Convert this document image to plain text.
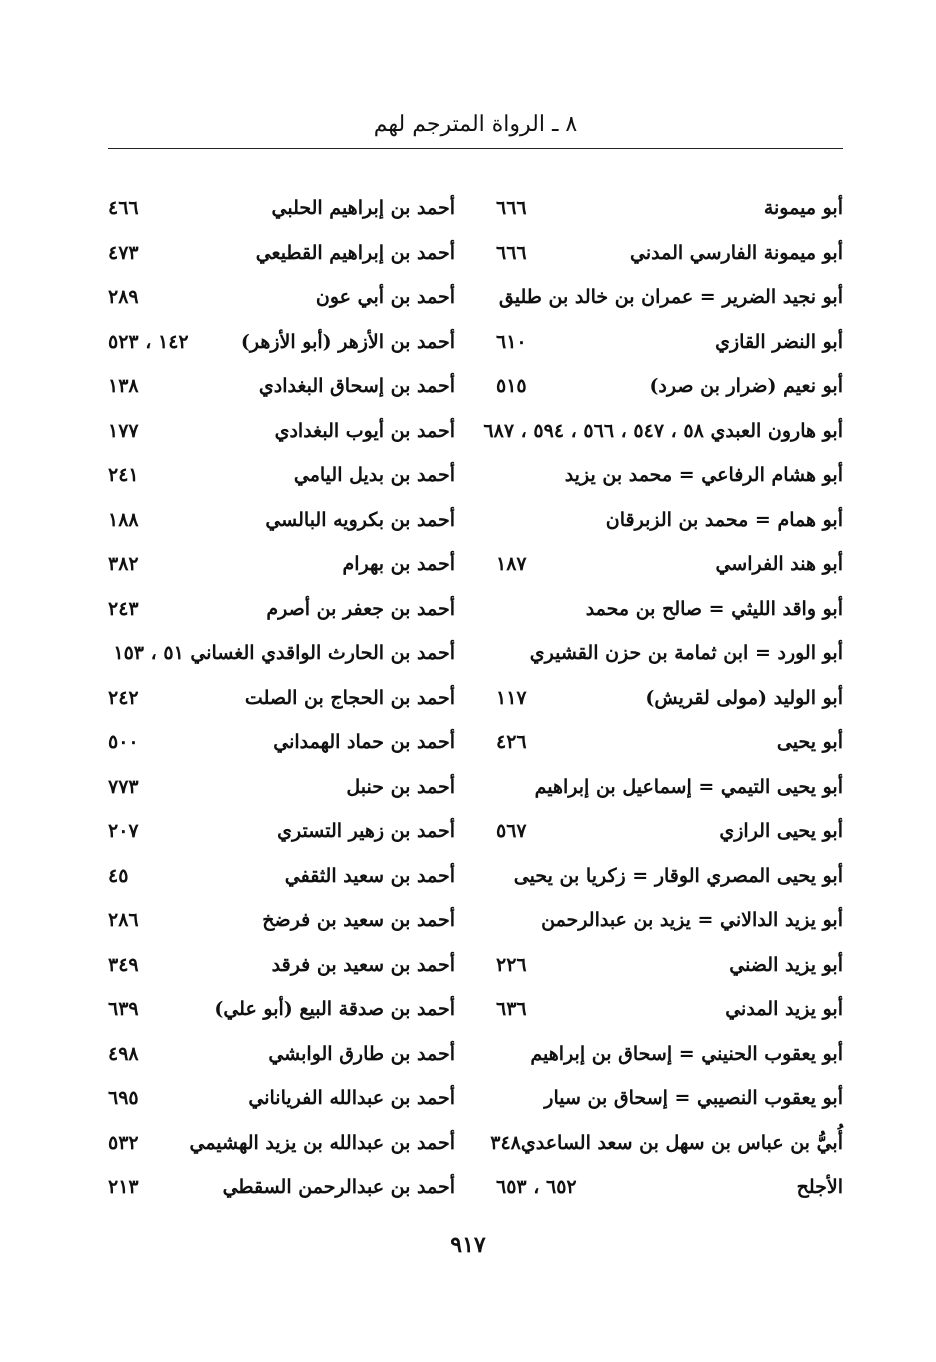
٨ ـ الرواة المترجم لهم
أبو ميمونة
٦٦٦
أبو ميمونة الفارسي المدني
٦٦٦
أبو نجيد الضرير = عمران بن خالد بن طليق
أبو النضر القازي
٦١٠
أبو نعيم (ضرار بن صرد)
٥١٥
أبو هارون العبدي ٥٨ ، ٥٤٧ ، ٥٦٦ ، ٥٩٤ ، ٦٨٧
أبو هشام الرفاعي = محمد بن يزيد
أبو همام = محمد بن الزبرقان
أبو هند الفراسي
١٨٧
أبو واقد الليثي = صالح بن محمد
أبو الورد = ابن ثمامة بن حزن القشيري
أبو الوليد (مولى لقريش)
١١٧
أبو يحيى
٤٢٦
أبو يحيى التيمي = إسماعيل بن إبراهيم
أبو يحيى الرازي
٥٦٧
أبو يحيى المصري الوقار = زكريا بن يحيى
أبو يزيد الدالاني = يزيد بن عبدالرحمن
أبو يزيد الضني
٢٢٦
أبو يزيد المدني
٦٣٦
أبو يعقوب الحنيني = إسحاق بن إبراهيم
أبو يعقوب النصيبي = إسحاق بن سيار
أُبيُّ بن عباس بن سهل بن سعد الساعدي
٣٤٨
الأجلح
٦٥٢ ، ٦٥٣
أحمد بن إبراهيم الحلبي
٤٦٦
أحمد بن إبراهيم القطيعي
٤٧٣
أحمد بن أبي عون
٢٨٩
أحمد بن الأزهر (أبو الأزهر)
١٤٢ ، ٥٢٣
أحمد بن إسحاق البغدادي
١٣٨
أحمد بن أيوب البغدادي
١٧٧
أحمد بن بديل اليامي
٢٤١
أحمد بن بكرويه البالسي
١٨٨
أحمد بن بهرام
٣٨٢
أحمد بن جعفر بن أصرم
٢٤٣
أحمد بن الحارث الواقدي الغساني ٥١ ، ١٥٣
أحمد بن الحجاج بن الصلت
٢٤٢
أحمد بن حماد الهمداني
٥٠٠
أحمد بن حنبل
٧٧٣
أحمد بن زهير التستري
٢٠٧
أحمد بن سعيد الثقفي
٤٥
أحمد بن سعيد بن فرضخ
٢٨٦
أحمد بن سعيد بن فرقد
٣٤٩
أحمد بن صدقة البيع (أبو علي)
٦٣٩
أحمد بن طارق الوابشي
٤٩٨
أحمد بن عبدالله الفرياناني
٦٩٥
أحمد بن عبدالله بن يزيد الهشيمي
٥٣٢
أحمد بن عبدالرحمن السقطي
٢١٣
٩١٧
